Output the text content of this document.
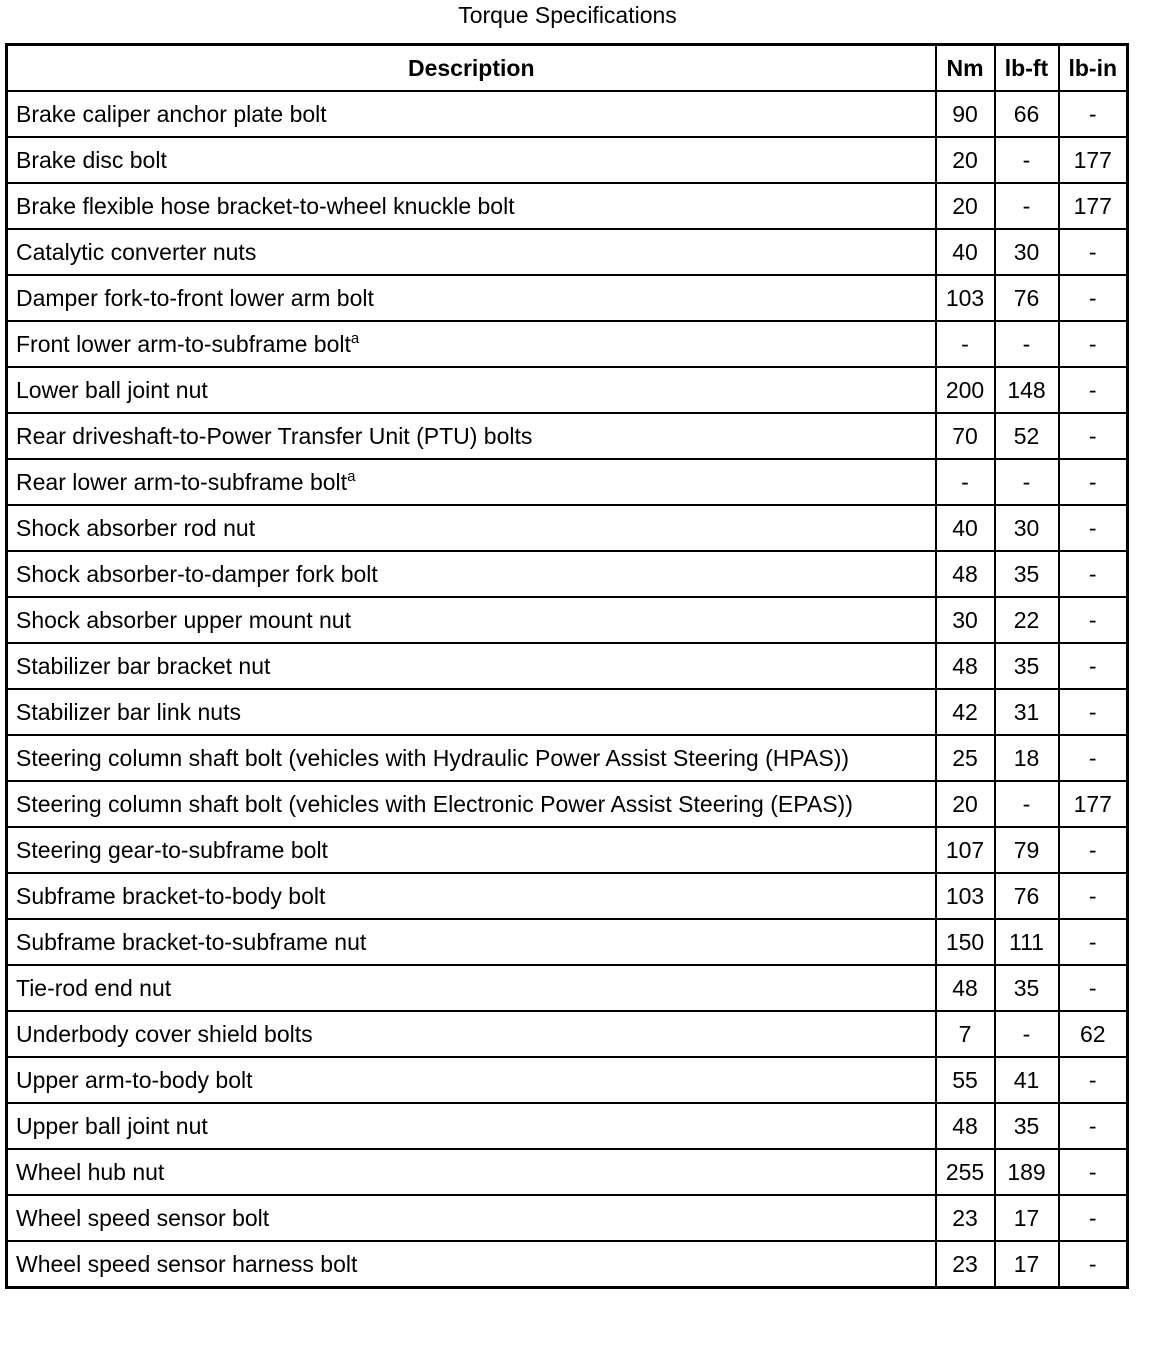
Torque Specifications
Description	Nm	lb-ft	lb-in
Brake caliper anchor plate bolt	90	66	-
Brake disc bolt	20	-	177
Brake flexible hose bracket-to-wheel knuckle bolt	20	-	177
Catalytic converter nuts	40	30	-
Damper fork-to-front lower arm bolt	103	76	-
Front lower arm-to-subframe bolt$^a$	-	-	-
Lower ball joint nut	200	148	-
Rear driveshaft-to-Power Transfer Unit (PTU) bolts	70	52	-
Rear lower arm-to-subframe bolt$^a$	-	-	-
Shock absorber rod nut	40	30	-
Shock absorber-to-damper fork bolt	48	35	-
Shock absorber upper mount nut	30	22	-
Stabilizer bar bracket nut	48	35	-
Stabilizer bar link nuts	42	31	-
Steering column shaft bolt (vehicles with Hydraulic Power Assist Steering (HPAS))	25	18	-
Steering column shaft bolt (vehicles with Electronic Power Assist Steering (EPAS))	20	-	177
Steering gear-to-subframe bolt	107	79	-
Subframe bracket-to-body bolt	103	76	-
Subframe bracket-to-subframe nut	150	111	-
Tie-rod end nut	48	35	-
Underbody cover shield bolts	7	-	62
Upper arm-to-body bolt	55	41	-
Upper ball joint nut	48	35	-
Wheel hub nut	255	189	-
Wheel speed sensor bolt	23	17	-
Wheel speed sensor harness bolt	23	17	-
